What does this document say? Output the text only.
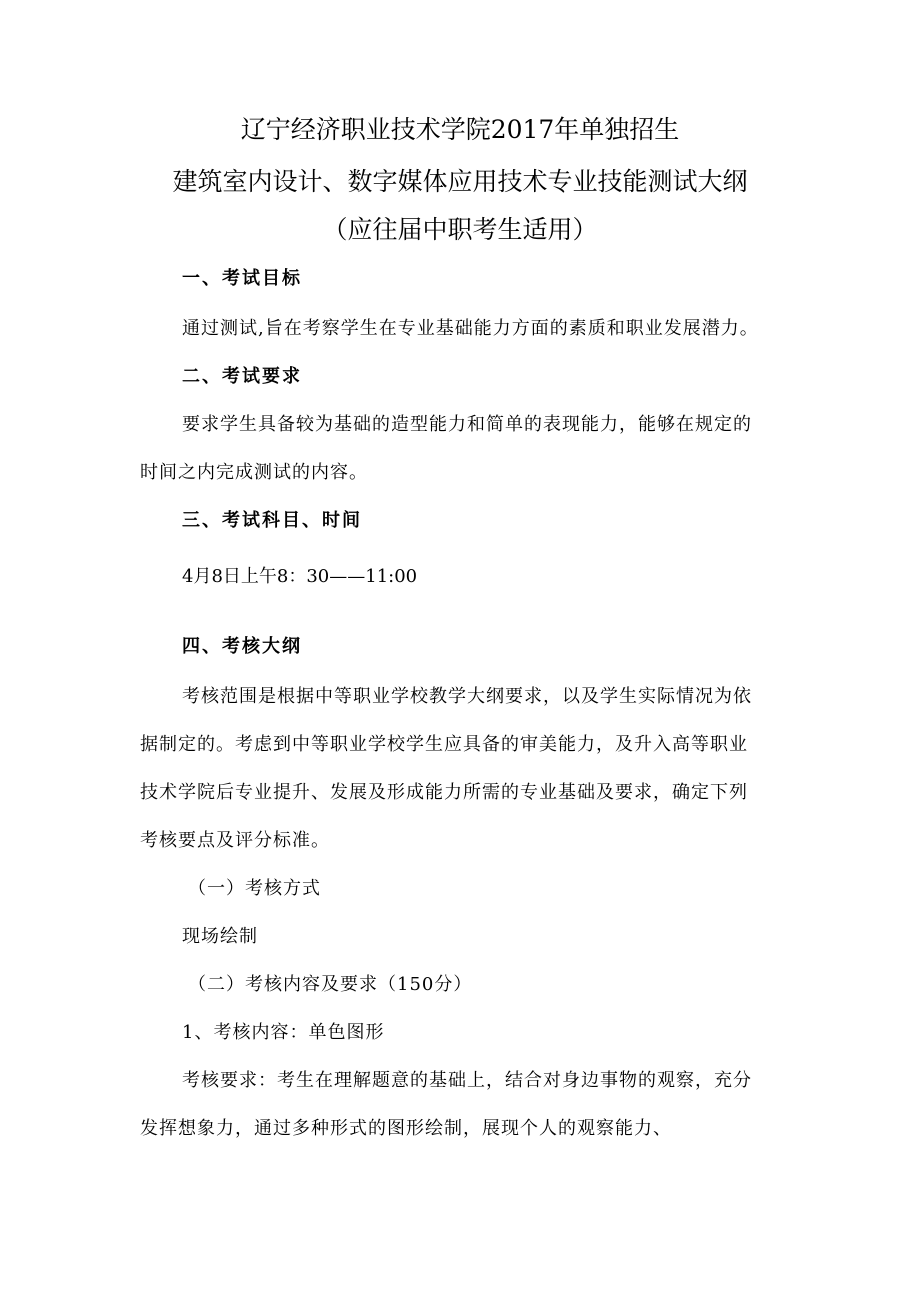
辽宁经济职业技术学院2017年单独招生
建筑室内设计、数字媒体应用技术专业技能测试大纲
（应往届中职考生适用）
一、考试目标
通过测试,旨在考察学生在专业基础能力方面的素质和职业发展潜力。
二、考试要求
要求学生具备较为基础的造型能力和简单的表现能力，能够在规定的
时间之内完成测试的内容。
三、考试科目、时间
4月8日上午8：30——11:00
四、考核大纲
考核范围是根据中等职业学校教学大纲要求，以及学生实际情况为依
据制定的。考虑到中等职业学校学生应具备的审美能力，及升入高等职业
技术学院后专业提升、发展及形成能力所需的专业基础及要求，确定下列
考核要点及评分标准。
（一）考核方式
现场绘制
（二）考核内容及要求（150分）
1、考核内容：单色图形
考核要求：考生在理解题意的基础上，结合对身边事物的观察，充分
发挥想象力，通过多种形式的图形绘制，展现个人的观察能力、
